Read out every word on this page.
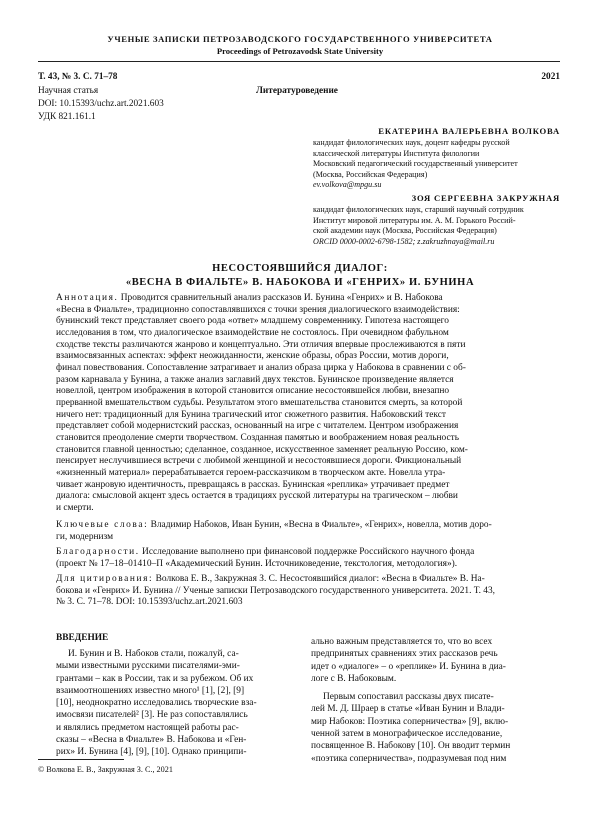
УЧЕНЫЕ ЗАПИСКИ ПЕТРОЗАВОДСКОГО ГОСУДАРСТВЕННОГО УНИВЕРСИТЕТА
Proceedings of Petrozavodsk State University
Т. 43, № 3. С. 71–78	2021
Научная статья	Литературоведение
DOI: 10.15393/uchz.art.2021.603
УДК 821.161.1
ЕКАТЕРИНА ВАЛЕРЬЕВНА ВОЛКОВА
кандидат филологических наук, доцент кафедры русской
классической литературы Института филологии
Московский педагогический государственный университет
(Москва, Российская Федерация)
ev.volkova@mpgu.su
ЗОЯ СЕРГЕЕВНА ЗАКРУЖНАЯ
кандидат филологических наук, старший научный сотрудник
Институт мировой литературы им. А. М. Горького Россий-
ской академии наук (Москва, Российская Федерация)
ORCID 0000-0002-6798-1582; z.zakruzhnaya@mail.ru
НЕСОСТОЯВШИЙСЯ ДИАЛОГ:
«ВЕСНА В ФИАЛЬТЕ» В. НАБОКОВА И «ГЕНРИХ» И. БУНИНА
Аннотация. Проводится сравнительный анализ рассказов И. Бунина «Генрих» и В. Набокова
«Весна в Фиальте», традиционно сопоставлявшихся с точки зрения диалогического взаимодействия:
бунинский текст представляет своего рода «ответ» младшему современнику. Гипотеза настоящего
исследования в том, что диалогическое взаимодействие не состоялось. При очевидном фабульном
сходстве тексты различаются жанрово и концептуально. Эти отличия впервые прослеживаются в пяти
взаимосвязанных аспектах: эффект неожиданности, женские образы, образ России, мотив дороги,
финал повествования. Сопоставление затрагивает и анализ образа цирка у Набокова в сравнении с об-
разом карнавала у Бунина, а также анализ заглавий двух текстов. Бунинское произведение является
новеллой, центром изображения в которой становится описание несостоявшейся любви, внезапно
прерванной вмешательством судьбы. Результатом этого вмешательства становится смерть, за которой
ничего нет: традиционный для Бунина трагический итог сюжетного развития. Набоковский текст
представляет собой модернистский рассказ, основанный на игре с читателем. Центром изображения
становится преодоление смерти творчеством. Созданная памятью и воображением новая реальность
становится главной ценностью; сделанное, созданное, искусственное заменяет реальную Россию, ком-
пенсирует неслучившиеся встречи с любимой женщиной и несостоявшиеся дороги. Фикциональный
«жизненный материал» перерабатывается героем-рассказчиком в творческом акте. Новелла утра-
чивает жанровую идентичность, превращаясь в рассказ. Бунинская «реплика» утрачивает предмет
диалога: смысловой акцент здесь остается в традициях русской литературы на трагическом – любви
и смерти.
Ключевые слова: Владимир Набоков, Иван Бунин, «Весна в Фиальте», «Генрих», новелла, мотив доро-
ги, модернизм
Благодарности. Исследование выполнено при финансовой поддержке Российского научного фонда
(проект № 17–18–01410–П «Академический Бунин. Источниковедение, текстология, методология»).
Для цитирования: Волкова Е. В., Закружная З. С. Несостоявшийся диалог: «Весна в Фиальте» В. На-
бокова и «Генрих» И. Бунина // Ученые записки Петрозаводского государственного университета. 2021. Т. 43,
№ 3. С. 71–78. DOI: 10.15393/uchz.art.2021.603
ВВЕДЕНИЕ
И. Бунин и В. Набоков стали, пожалуй, са-
мыми известными русскими писателями-эми-
грантами – как в России, так и за рубежом. Об их
взаимоотношениях известно много¹ [1], [2], [9]
[10], неоднократно исследовались творческие вза-
имосвязи писателей² [3]. Не раз сопоставлялись
и являлись предметом настоящей работы рас-
сказы – «Весна в Фиальте» В. Набокова и «Ген-
рих» И. Бунина [4], [9], [10]. Однако принципи-
ально важным представляется то, что во всех
предпринятых сравнениях этих рассказов речь
идет о «диалоге» – о «реплике» И. Бунина в диа-
логе с В. Набоковым.
Первым сопоставил рассказы двух писате-
лей М. Д. Шраер в статье «Иван Бунин и Влади-
мир Набоков: Поэтика соперничества» [9], вклю-
ченной затем в монографическое исследование,
посвященное В. Набокову [10]. Он вводит термин
«поэтика соперничества», подразумевая под ним
© Волкова Е. В., Закружная З. С., 2021
